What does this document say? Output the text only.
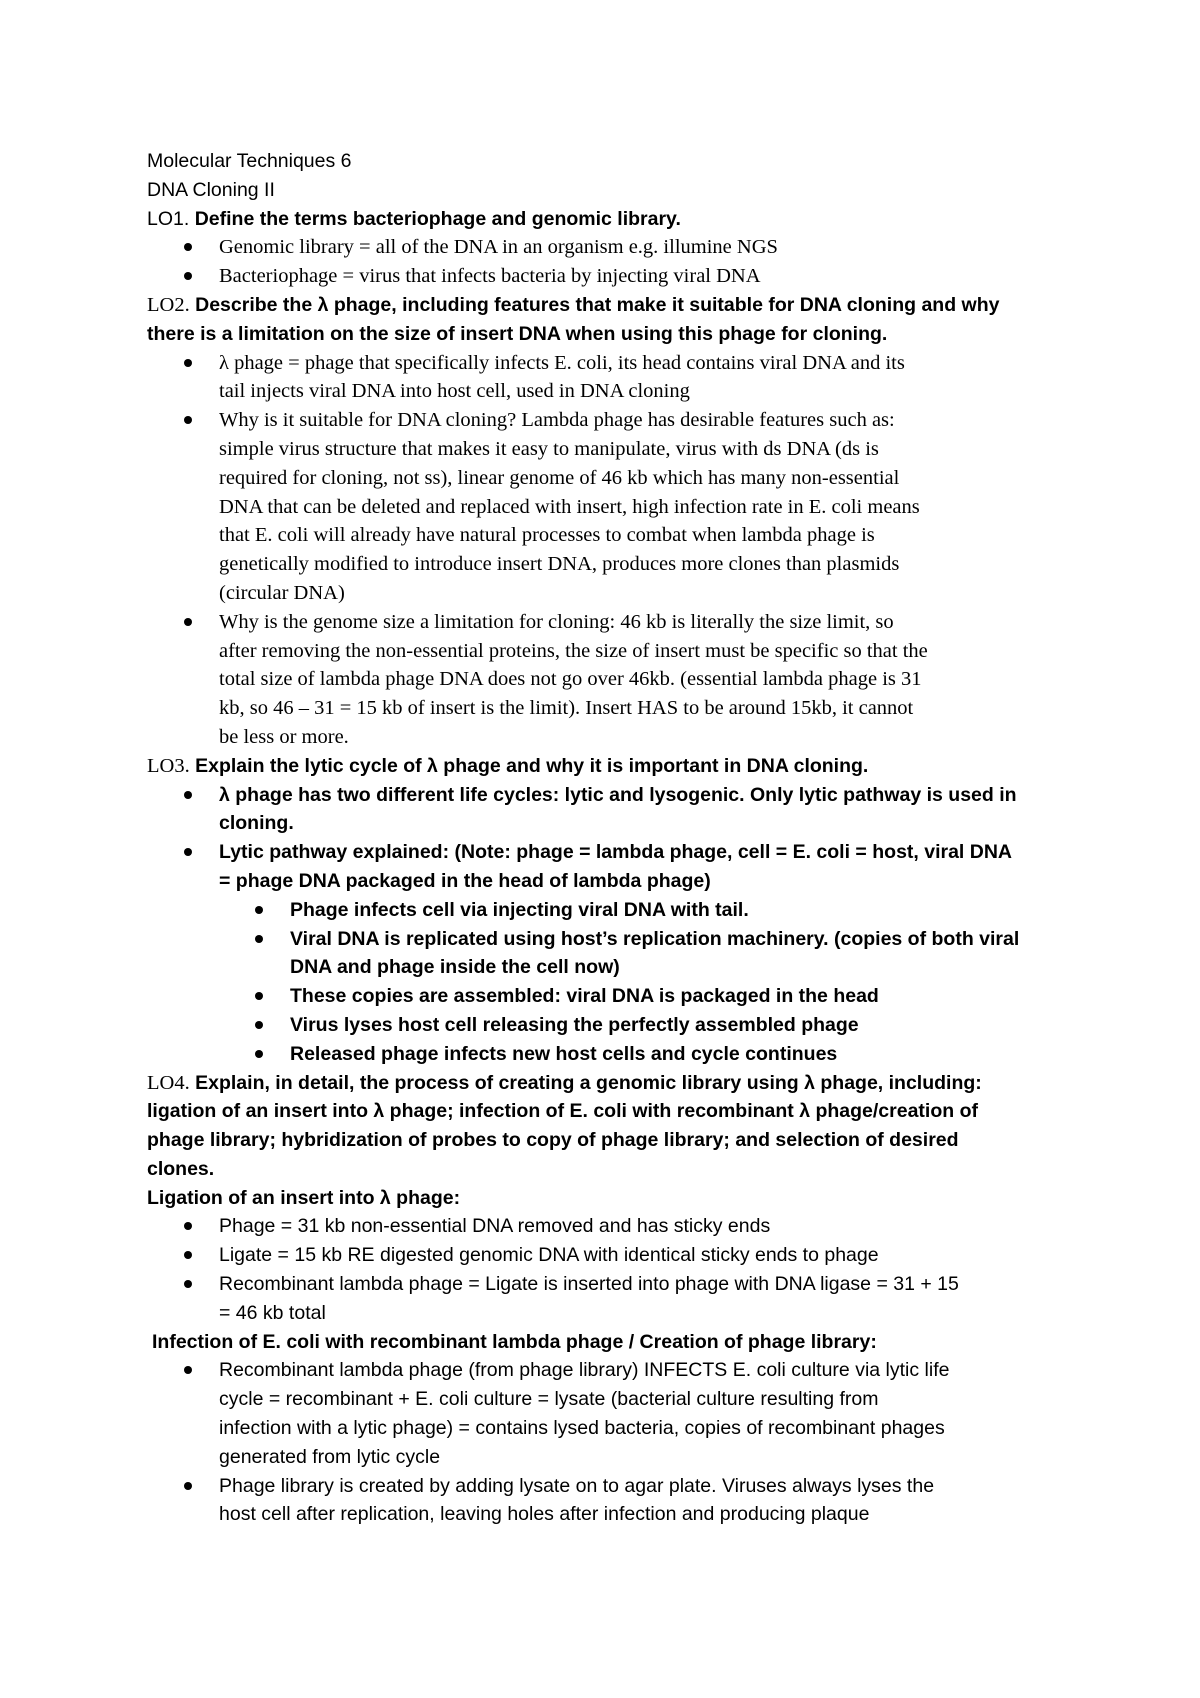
Molecular Techniques 6

DNA Cloning II

LO1. Define the terms bacteriophage and genomic library.

Genomic library = all of the DNA in an organism e.g. illumine NGS
Bacteriophage = virus that infects bacteria by injecting viral DNA

LO2. Describe the λ phage, including features that make it suitable for DNA cloning and why

there is a limitation on the size of insert DNA when using this phage for cloning.

λ phage = phage that specifically infects E. coli, its head contains viral DNA and its
tail injects viral DNA into host cell, used in DNA cloning
Why is it suitable for DNA cloning? Lambda phage has desirable features such as:
simple virus structure that makes it easy to manipulate, virus with ds DNA (ds is
required for cloning, not ss), linear genome of 46 kb which has many non-essential
DNA that can be deleted and replaced with insert, high infection rate in E. coli means
that E. coli will already have natural processes to combat when lambda phage is
genetically modified to introduce insert DNA, produces more clones than plasmids
(circular DNA)
Why is the genome size a limitation for cloning: 46 kb is literally the size limit, so
after removing the non-essential proteins, the size of insert must be specific so that the
total size of lambda phage DNA does not go over 46kb. (essential lambda phage is 31
kb, so 46 – 31 = 15 kb of insert is the limit). Insert HAS to be around 15kb, it cannot
be less or more.

LO3. Explain the lytic cycle of λ phage and why it is important in DNA cloning.

λ phage has two different life cycles: lytic and lysogenic. Only lytic pathway is used in
cloning.
Lytic pathway explained: (Note: phage = lambda phage, cell = E. coli = host, viral DNA
= phage DNA packaged in the head of lambda phage)
Phage infects cell via injecting viral DNA with tail.
Viral DNA is replicated using host’s replication machinery. (copies of both viral
DNA and phage inside the cell now)
These copies are assembled: viral DNA is packaged in the head
Virus lyses host cell releasing the perfectly assembled phage
Released phage infects new host cells and cycle continues

LO4. Explain, in detail, the process of creating a genomic library using λ phage, including:

ligation of an insert into λ phage; infection of E. coli with recombinant λ phage/creation of

phage library; hybridization of probes to copy of phage library; and selection of desired

clones.

Ligation of an insert into λ phage:

Phage = 31 kb non-essential DNA removed and has sticky ends
Ligate = 15 kb RE digested genomic DNA with identical sticky ends to phage
Recombinant lambda phage = Ligate is inserted into phage with DNA ligase = 31 + 15
= 46 kb total

Infection of E. coli with recombinant lambda phage / Creation of phage library:

Recombinant lambda phage (from phage library) INFECTS E. coli culture via lytic life
cycle = recombinant + E. coli culture = lysate (bacterial culture resulting from
infection with a lytic phage) = contains lysed bacteria, copies of recombinant phages
generated from lytic cycle
Phage library is created by adding lysate on to agar plate. Viruses always lyses the
host cell after replication, leaving holes after infection and producing plaque
